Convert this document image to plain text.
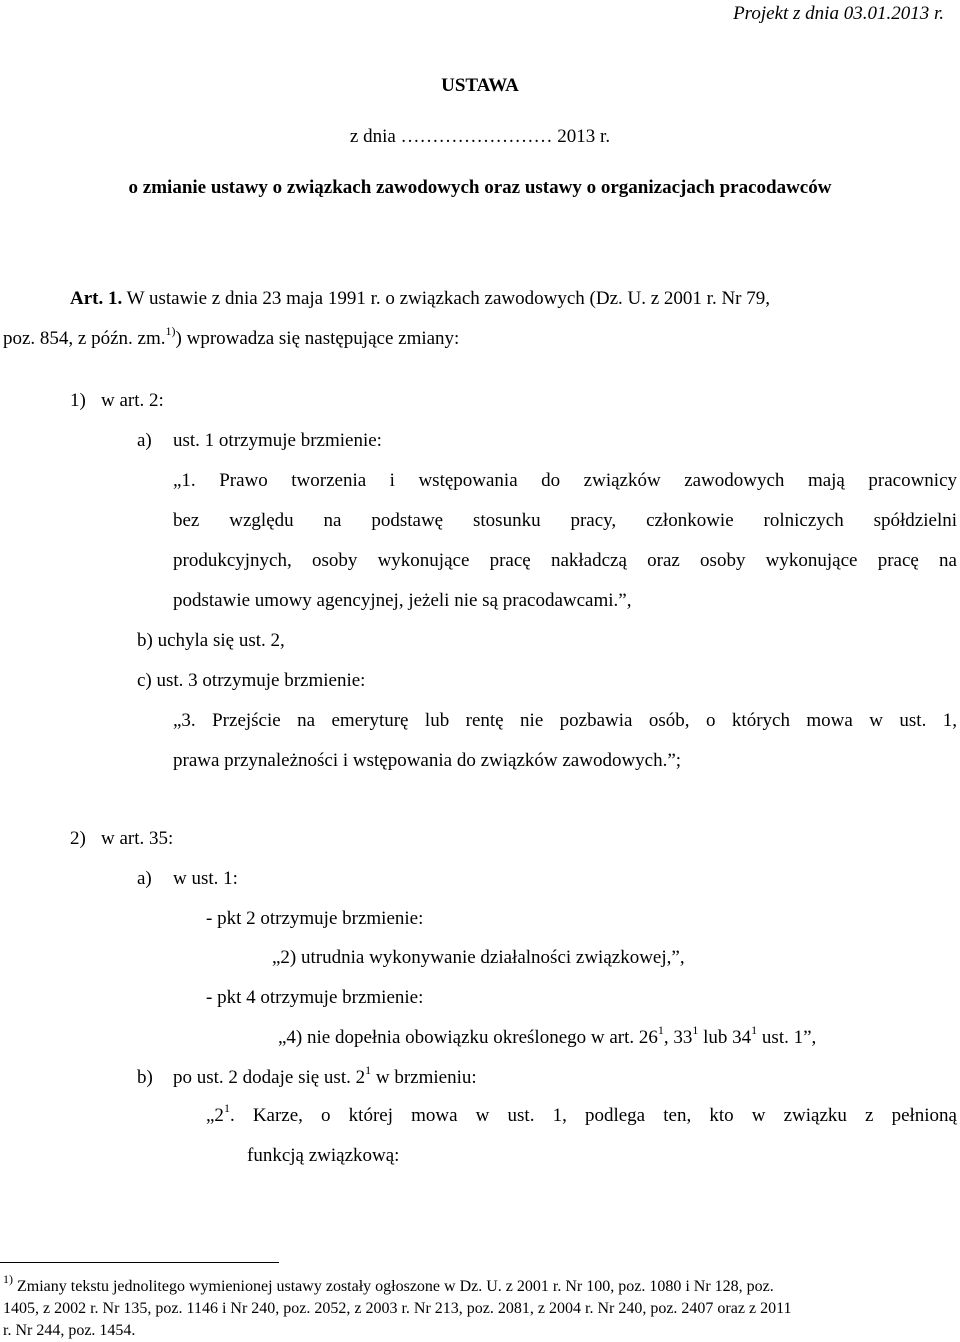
Projekt z dnia 03.01.2013 r.
USTAWA
z dnia …………………… 2013 r.
o zmianie ustawy o związkach zawodowych oraz ustawy o organizacjach pracodawców
Art. 1. W ustawie z dnia 23 maja 1991 r. o związkach zawodowych (Dz. U. z 2001 r. Nr 79,
poz. 854, z późn. zm.$^{1)}$) wprowadza się następujące zmiany:
1) w art. 2:
a) ust. 1 otrzymuje brzmienie:
„1. Prawo tworzenia i wstępowania do związków zawodowych mają pracownicy
bez względu na podstawę stosunku pracy, członkowie rolniczych spółdzielni
produkcyjnych, osoby wykonujące pracę nakładczą oraz osoby wykonujące pracę na
podstawie umowy agencyjnej, jeżeli nie są pracodawcami.”,
b) uchyla się ust. 2,
c) ust. 3 otrzymuje brzmienie:
„3. Przejście na emeryturę lub rentę nie pozbawia osób, o których mowa w ust. 1,
prawa przynależności i wstępowania do związków zawodowych.”;
2) w art. 35:
a) w ust. 1:
- pkt 2 otrzymuje brzmienie:
„2) utrudnia wykonywanie działalności związkowej,”,
- pkt 4 otrzymuje brzmienie:
„4) nie dopełnia obowiązku określonego w art. $26^1$, $33^1$ lub $34^1$ ust. 1”,
b) po ust. 2 dodaje się ust. $2^1$ w brzmieniu:
$„2^1$. Karze, o której mowa w ust. 1, podlega ten, kto w związku z pełnioną
funkcją związkową:
$^{1)}$ Zmiany tekstu jednolitego wymienionej ustawy zostały ogłoszone w Dz. U. z 2001 r. Nr 100, poz. 1080 i Nr 128, poz.
1405, z 2002 r. Nr 135, poz. 1146 i Nr 240, poz. 2052, z 2003 r. Nr 213, poz. 2081, z 2004 r. Nr 240, poz. 2407 oraz z 2011
r. Nr 244, poz. 1454.
